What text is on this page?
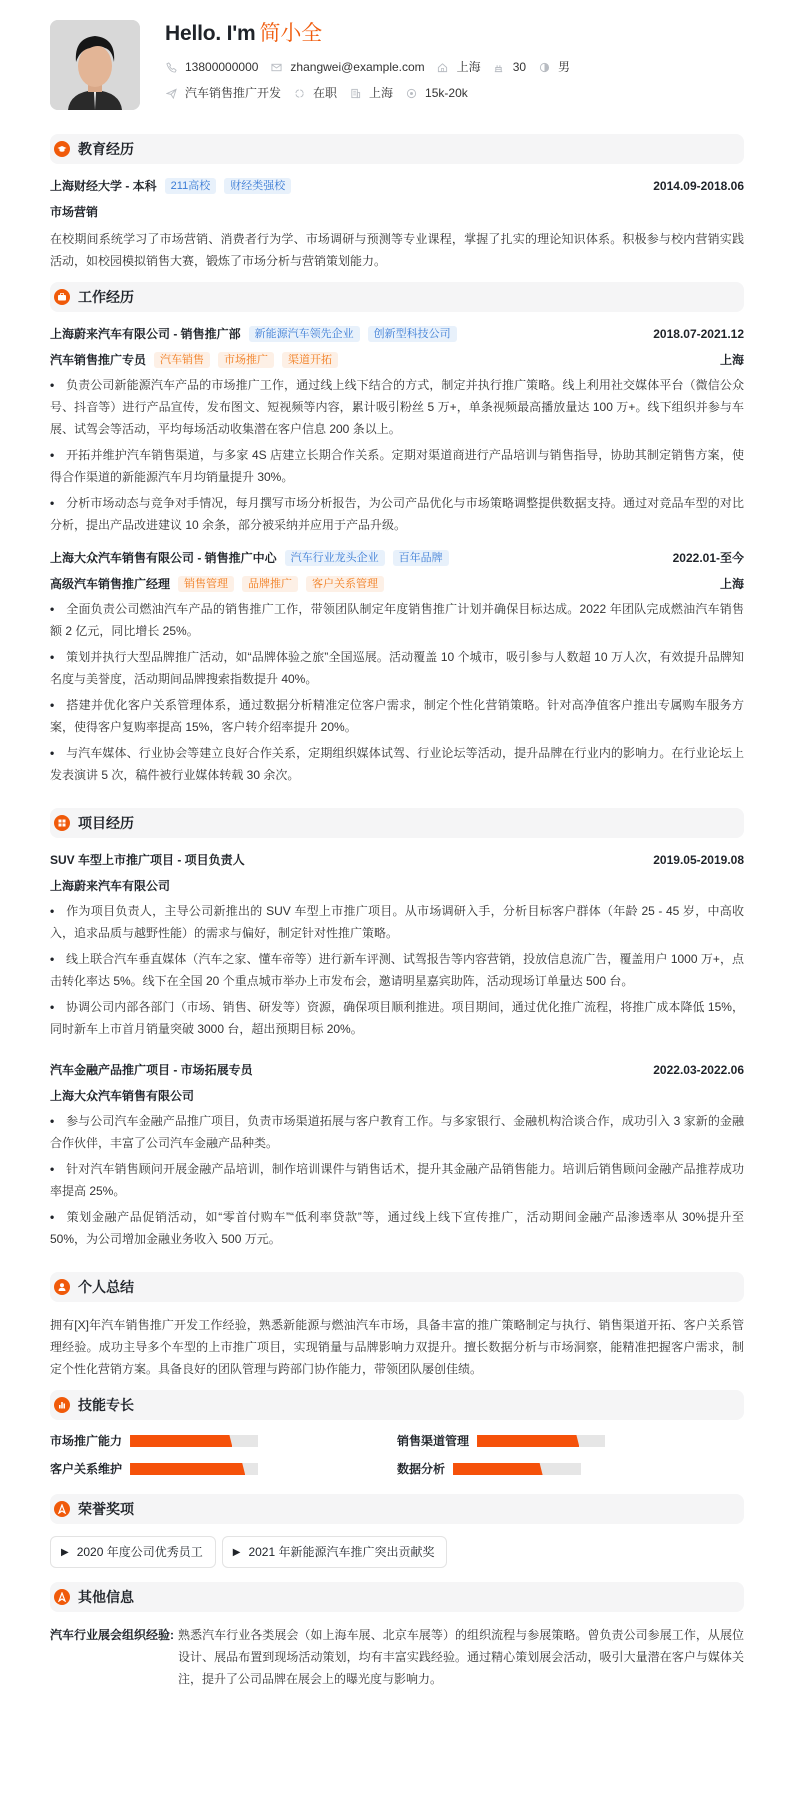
Hello. I'm 简小全
13800000000	zhangwei@example.com	上海	30	男
汽车销售推广开发	在职	上海	15k-20k
教育经历
上海财经大学 - 本科	211高校	财经类强校	2014.09-2018.06
市场营销

在校期间系统学习了市场营销、消费者行为学、市场调研与预测等专业课程，掌握了扎实的理论知识体系。积极参与校内营销实践活动，如校园模拟销售大赛，锻炼了市场分析与营销策划能力。

工作经历
上海蔚来汽车有限公司 - 销售推广部	新能源汽车领先企业	创新型科技公司	2018.07-2021.12
汽车销售推广专员	汽车销售	市场推广	渠道开拓	上海
• 负责公司新能源汽车产品的市场推广工作，通过线上线下结合的方式，制定并执行推广策略。线上利用社交媒体平台（微信公众号、抖音等）进行产品宣传，发布图文、短视频等内容，累计吸引粉丝 5 万+，单条视频最高播放量达 100 万+。线下组织并参与车展、试驾会等活动，平均每场活动收集潜在客户信息 200 条以上。
• 开拓并维护汽车销售渠道，与多家 4S 店建立长期合作关系。定期对渠道商进行产品培训与销售指导，协助其制定销售方案，使得合作渠道的新能源汽车月均销量提升 30%。
• 分析市场动态与竞争对手情况，每月撰写市场分析报告，为公司产品优化与市场策略调整提供数据支持。通过对竞品车型的对比分析，提出产品改进建议 10 余条，部分被采纳并应用于产品升级。
上海大众汽车销售有限公司 - 销售推广中心	汽车行业龙头企业	百年品牌	2022.01-至今
高级汽车销售推广经理	销售管理	品牌推广	客户关系管理	上海
• 全面负责公司燃油汽车产品的销售推广工作，带领团队制定年度销售推广计划并确保目标达成。2022 年团队完成燃油汽车销售额 2 亿元，同比增长 25%。
• 策划并执行大型品牌推广活动，如“品牌体验之旅”全国巡展。活动覆盖 10 个城市，吸引参与人数超 10 万人次，有效提升品牌知名度与美誉度，活动期间品牌搜索指数提升 40%。
• 搭建并优化客户关系管理体系，通过数据分析精准定位客户需求，制定个性化营销策略。针对高净值客户推出专属购车服务方案，使得客户复购率提高 15%，客户转介绍率提升 20%。
• 与汽车媒体、行业协会等建立良好合作关系，定期组织媒体试驾、行业论坛等活动，提升品牌在行业内的影响力。在行业论坛上发表演讲 5 次，稿件被行业媒体转载 30 余次。
项目经历
SUV 车型上市推广项目 - 项目负责人	2019.05-2019.08
上海蔚来汽车有限公司
• 作为项目负责人，主导公司新推出的 SUV 车型上市推广项目。从市场调研入手，分析目标客户群体（年龄 25 - 45 岁，中高收入，追求品质与越野性能）的需求与偏好，制定针对性推广策略。
• 线上联合汽车垂直媒体（汽车之家、懂车帝等）进行新车评测、试驾报告等内容营销，投放信息流广告，覆盖用户 1000 万+，点击转化率达 5%。线下在全国 20 个重点城市举办上市发布会，邀请明星嘉宾助阵，活动现场订单量达 500 台。
• 协调公司内部各部门（市场、销售、研发等）资源，确保项目顺利推进。项目期间，通过优化推广流程，将推广成本降低 15%，同时新车上市首月销量突破 3000 台，超出预期目标 20%。
汽车金融产品推广项目 - 市场拓展专员	2022.03-2022.06
上海大众汽车销售有限公司
• 参与公司汽车金融产品推广项目，负责市场渠道拓展与客户教育工作。与多家银行、金融机构洽谈合作，成功引入 3 家新的金融合作伙伴，丰富了公司汽车金融产品种类。
• 针对汽车销售顾问开展金融产品培训，制作培训课件与销售话术，提升其金融产品销售能力。培训后销售顾问金融产品推荐成功率提高 25%。
• 策划金融产品促销活动，如“零首付购车”“低利率贷款”等，通过线上线下宣传推广，活动期间金融产品渗透率从 30%提升至 50%，为公司增加金融业务收入 500 万元。
个人总结

拥有[X]年汽车销售推广开发工作经验，熟悉新能源与燃油汽车市场，具备丰富的推广策略制定与执行、销售渠道开拓、客户关系管理经验。成功主导多个车型的上市推广项目，实现销量与品牌影响力双提升。擅长数据分析与市场洞察，能精准把握客户需求，制定个性化营销方案。具备良好的团队管理与跨部门协作能力，带领团队屡创佳绩。

技能专长
市场推广能力	销售渠道管理
客户关系维护	数据分析
荣誉奖项
▶ 2020 年度公司优秀员工	▶ 2021 年新能源汽车推广突出贡献奖
其他信息
汽车行业展会组织经验: 熟悉汽车行业各类展会（如上海车展、北京车展等）的组织流程与参展策略。曾负责公司参展工作，从展位设计、展品布置到现场活动策划，均有丰富实践经验。通过精心策划展会活动，吸引大量潜在客户与媒体关注，提升了公司品牌在展会上的曝光度与影响力。
